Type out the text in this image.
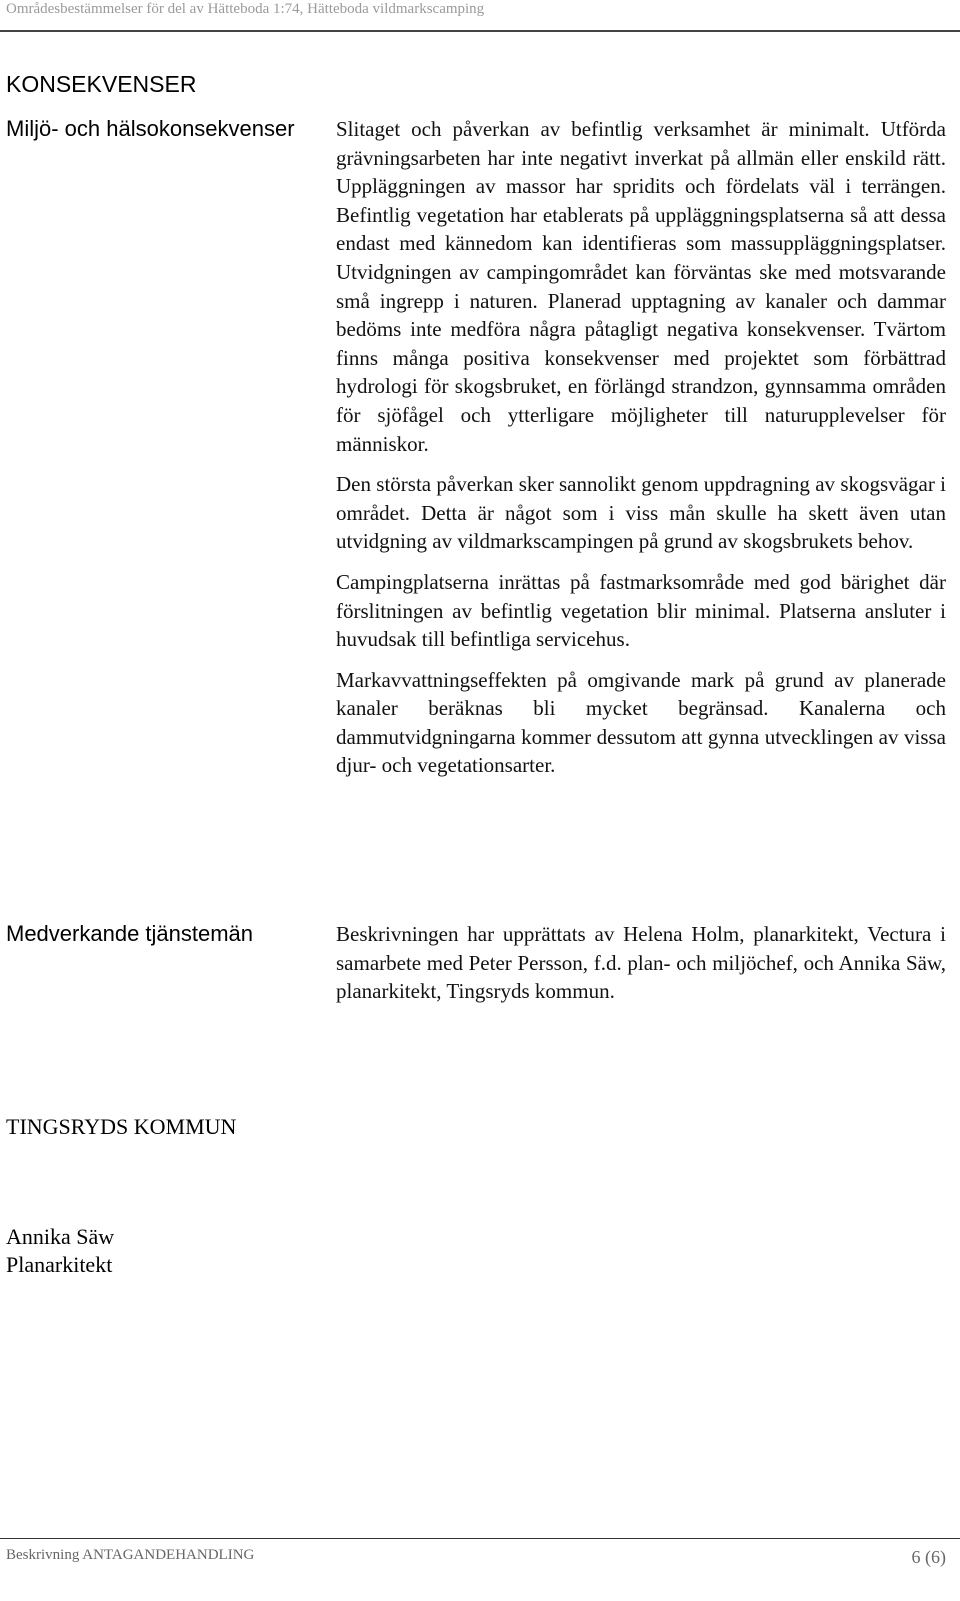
Områdesbestämmelser för del av Hätteboda 1:74, Hätteboda vildmarkscamping
KONSEKVENSER
Miljö- och hälsokonsekvenser	Slitaget och påverkan av befintlig verksamhet är minimalt. Utförda grävningsarbeten har inte negativt inverkat på allmän eller enskild rätt. Uppläggningen av massor har spridits och fördelats väl i terrängen. Befintlig vegetation har etablerats på uppläggningsplatserna så att dessa endast med kännedom kan identifieras som massuppläggningsplatser. Utvidgningen av campingområdet kan förväntas ske med motsvarande små ingrepp i naturen. Planerad upptagning av kanaler och dammar bedöms inte medföra några påtagligt negativa konsekvenser. Tvärtom finns många positiva konsekvenser med projektet som förbättrad hydrologi för skogsbruket, en förlängd strandzon, gynnsamma områden för sjöfågel och ytterligare möjligheter till naturupplevelser för människor.

Den största påverkan sker sannolikt genom uppdragning av skogsvägar i området. Detta är något som i viss mån skulle ha skett även utan utvidgning av vildmarkscampingen på grund av skogsbrukets behov.

Campingplatserna inrättas på fastmarksområde med god bärighet där förslitningen av befintlig vegetation blir minimal. Platserna ansluter i huvudsak till befintliga servicehus.

Markavvattningseffekten på omgivande mark på grund av planerade kanaler beräknas bli mycket begränsad. Kanalerna och dammutvidgningarna kommer dessutom att gynna utvecklingen av vissa djur- och vegetationsarter.

Medverkande tjänstemän	Beskrivningen har upprättats av Helena Holm, planarkitekt, Vectura i samarbete med Peter Persson, f.d. plan- och miljöchef, och Annika Säw, planarkitekt, Tingsryds kommun.

TINGSRYDS KOMMUN
Annika Säw
Planarkitekt
Beskrivning ANTAGANDEHANDLING	6 (6)
